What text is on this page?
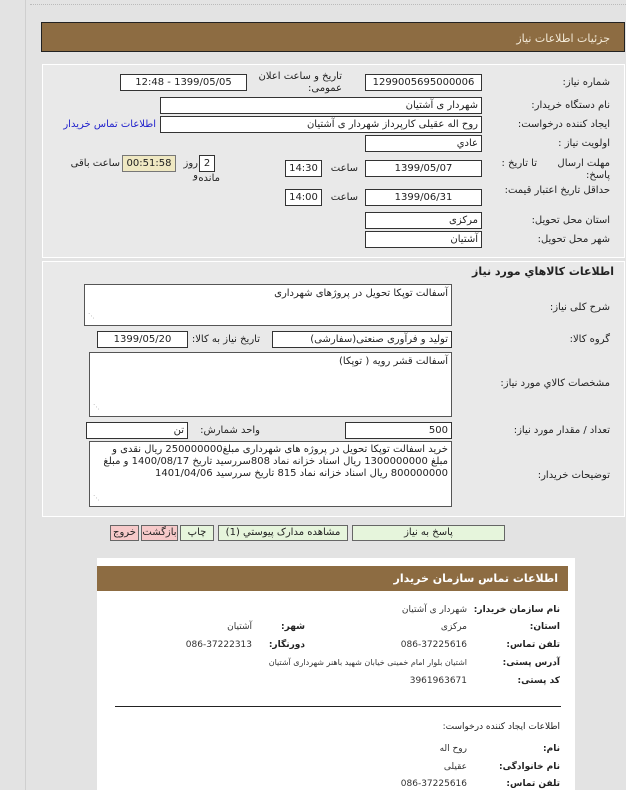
جزئیات اطلاعات نیاز
شماره نیاز:
1299005695000006
تاریخ و ساعت اعلان عمومی:
1399/05/05 - 12:48
نام دستگاه خریدار:
شهردار ی آشتیان
ایجاد کننده درخواست:
روح اله عقیلی کارپرداز شهردار ی آشتیان
اطلاعات تماس خریدار
اولویت نیاز :
عادي
مهلت ارسال پاسخ:
تا تاریخ :
1399/05/07
ساعت
14:30
2
روز و
00:51:58
ساعت باقی
مانده
حداقل تاریخ اعتبار قیمت:
1399/06/31
ساعت
14:00
استان محل تحویل:
مرکزی
شهر محل تحویل:
آشتیان
اطلاعات كالاهاي مورد نياز
شرح کلی نیاز:
آسفالت توپکا تحویل در پروژهای شهرداری
⋰
گروه کالا:
تولید و فرآوری صنعتی(سفارشی)
تاریخ نیاز به کالا:
1399/05/20
مشخصات کالاي مورد نياز:
آسفالت قشر رویه ( توپکا)
⋰
تعداد / مقدار مورد نیاز:
500
واحد شمارش:
تن
توضیحات خریدار:
خرید اسفالت توپکا تحویل در پروژه های شهرداری مبلغ250000000 ریال نقدی و مبلغ 1300000000 ریال اسناد خزانه نماد 808سررسید تاریخ 1400/08/17 و مبلغ 800000000 ریال اسناد خزانه نماد 815 تاریخ سررسید 1401/04/06
⋰
پاسخ به نیاز
مشاهده مدارک پیوستي (1)
چاپ
بازگشت
خروج
اطلاعات تماس سازمان خریدار
نام سازمان خریدار:
شهردار ی آشتیان
استان:
مرکزی
شهر:
آشتیان
تلفن تماس:
086-37225616
دورنگار:
086-37222313
آدرس پستی:
اشتیان بلوار امام خمینی خیابان شهید باهنر شهرداری آشتیان
کد پستی:
3961963671
اطلاعات ایجاد کننده درخواست:
نام:
روح اله
نام خانوادگی:
عقیلی
تلفن تماس:
086-37225616
